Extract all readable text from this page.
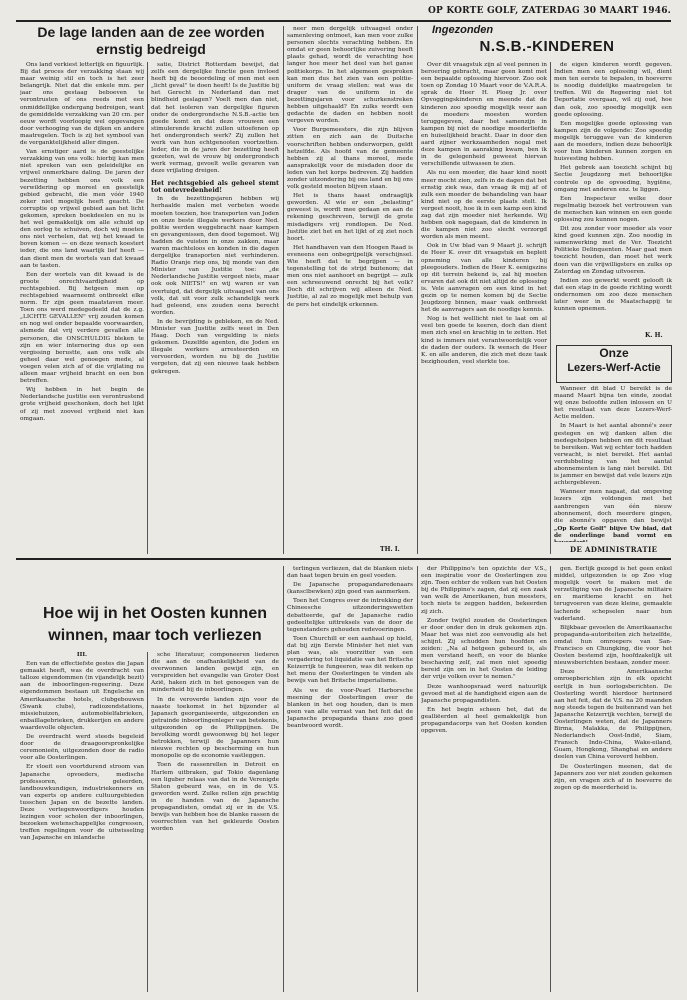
OP KORTE GOLF, ZATERDAG 30 MAART 1946.
De lage landen aan de zee worden
ernstig bedreigd

Ons land verkiest letterlijk en figuurlijk. Bij dat proces der verzakking staan wij maar weinig stil en toch is het zeer belangrijk. Niet dat die enkele mm. per jaar ons gestaag beboeven te verontrusten of ons reeds met een onmiddellijke ondergang bedreigen, want de gemiddelde verzakking van 20 cm. per eeuw wordt voorloopig wel opgevangen door verhooging van de dijken en andere maatregelen. Toch is zij het symbool van de verganktelijkheid aller dingen.

Van ernstiger aard is de geestelijke verzakking van ons volk: hierbij kan men niet spreken van een geleidelijke en vrijwel onmerkbare daling. De jaren der bezetting hebben ons volk een verwildering op moreel en geestelijk gebied gebracht, die men vóór 1940 zeker niet mogelijk heeft geacht. De corruptie op vrijwel gebied aan het licht gekomen, spreken boekdeelen en nu is het wel gemakkelijk om alle schuld op den oorlog te schuiven, doch wij moeten ons niet verhelen, dat wij het kwaad te boven komen — en deze wensch koestert ieder, die ons land waarlijk lief heeft — dan dient men de wortels van dat kwaad aan te tasten.

Een der wortels van dit kwaad is de groote onrechtvaardigheid op rechtsgebied. Bij hetgeen men op rechtsgebied waarneemt ontbreekt elke norm. Er zijn geen maatstaven meer. Toen ons werd medegedeeld dat de z.g. „LICHTE GEVALLEN" vrij zouden komen en nog wel onder bepaalde voorwaarden, alsmede dat vrij verdere gevallen alle personen, die ONSCHULDIG bleken te zijn en wier internering dus op een vergissing berustte, aan ons volk als geheel daar wel genoegen mede, al voegen velen zich af of die vrijlating nu alleen maar vrijheid bracht en een bon betreffen.

Wij hebben in het begin de Nederlandsche justitie een verontrustend grote vrijheid geschonken, doch het lijkt of zij met zooveel vrijheid niet kan omgaan.

satie, District Rotterdam bewijst, dat zelfs een dergelijke functie geen invloed heeft bij de beoordeling of men met een „licht geval" te doen heeft! Is de Justitie bij het Gerecht in Nederland dan met blindheid geslagen? Voelt men dan niet, dat het isoleren van dergelijke figuren onder de ondergrondsche N.S.B.-actie ten goede komt en dat deze vrouwen een stimulerende kracht zullen uitoefenen op het ondergrondsch werk? Zij zullen het werk van hun echtgenooten voortzetten. Ieder, die in de jaren der bezetting heeft gezeten, wat de vrouw bij ondergrondsch werk vermag, gevoelt welle gevaren van deze vrijlating dreigen.

Het rechtsgebied als geheel stemt tot ontevredenheid!

In de bezettingsjaren hebben wij herhaalde malen met verbeten woede moeten toezien, hoe transporten van Joden en onze beste illegale werkers door Ned. politie werden weggebracht naar kampen en gevangenissen, den dood tegemoet. Wij hadden de vuisten in onze zakken, maar waren machteloos en konden in die dagen dergelijke transporten niet verhinderen. Radio Oranje riep ons, bij monde van den Minister van Justitie toe: „de Nederlandsche Justitie vergeet niets, maar ook ook NIETS!" en wij waren er van overtuigd, dat dergelijk uitvaagsel van ons volk, dat uit voor zulk schandelijk werk had geleend, ens zouden eens berecht worden.

In de bevrijding is gebleken, en de Ned. Minister van Justitie zelfs weet in Den Haag. Doch van vergelding is niets gekomen. Dezelfde agenten, die Joden en illegale werkers arresteerden en vervoerden, worden nu bij de Justitie vergeten, dat zij een nieuwe taak hebben gekregen.

neer men dergelijk uitvaagsel onder samenleving ontmoet, kan men voor zulke personen slechts verachting hebben. En omdat er geen behoorlijke zuivering heeft plaats gehad, wordt de verachting hoe langer hoe meer het deel van het ganse politiekorps. In het algemeen gesproken kan men dus het zien van een politie-uniform de vraag stellen: wat was de drager van de uniform in de bezettingsjaren voor schurkenstreken hebben uitgehaald? En zulks wordt een gedachte de daden en hebben nooit vergeven worden.

Voor Burgemeesters, die zijn blijven zitten en zich aan de Duitsche voorschriften hebben onderworpen, geldt hetzelfde. Als hoofd van de gemeente hebben zij al thans moreel, mede aansprakelijk voor de misdaden door de leden van het korps bedreven. Zij hadden zonder uitzondering bij ons land en bij ons volk gesteld moeten blijven staan.

Het is thans haast ondraaglijk geworden. Al wie er een „belasting" geweest is, wordt mee gedaan en aan de rekening geschreven, terwijl de grote misdadigers vrij rondlopen. De Ned. Justitie ziet het en het lijkt of zij ziet noch hoort.

Het handhaven van den Hoogen Raad is eveneens een onbegrijpelijk verschijnsel. Wie heeft dat te begrijpen — in tegenstelling tot de strijd buitenom; dat men ons niet aanhoort en begrijpt — zulk een schreeuwend onrecht bij het volk? Doch dit schrijven wij alleen de Ned. Justitie, al zal zo mogelijk met behulp van de pers het eindelijk erkennen.

TH. I.
Ingezonden
N.S.B.-KINDEREN

Over dit vraagstuk zijn al veel pennen in beroering gebracht, maar geen komt met een bepaalde oplossing hiervoor. Zoo ook toen op Zondag 10 Maart voor de V.A.R.A. sprak de Heer H. Ploeg Jr. over Opvoggingskinderen en meende dat de kinderen zoo spoedig mogelijk weer aan de moeders moesten worden teruggegeven, daar het samenzijn in kampen bij niet de noodige moederliefde en huiselijkheid bracht. Daar in door den aard zijner werkzaamheden nogal met deze kampen in aanraking kwam, ben ik in de gelegenheid geweest hiervan verschillende uitwassen te zien.

Als nu een moeder, die haar kind nooit meer mocht zien, zelfs in de dagen dat het ernstig ziek was, dan vraag ik mij af of zulk een moeder de behandeling van haar kind niet op de eerste plaats stelt. Ik vergeet nooit, hoe ik in een kamp een kind zag dat zijn moeder niet herkende. Wij hebben ook nagegaan, dat de kinderen in die kampen niet zoo slecht verzorgd worden als men meent.

Ook in Uw blad van 9 Maart jl. schrijft de Heer K. over dit vraagstuk en bepleit opneming van alle kinderen bij pleegouders. Indien de Heer K. eenigszins op dit terrein bekend is, zal hij moeten ervaren dat ook dit niet altijd de oplossing is. Vele aanvragen om een kind in het gezin op te nemen komen bij de Sectie Jeugdzorg binnen, maar vaak ontbreekt het de aanvragers aan de noodige kennis.

Nog is het welllicht niet te laat om al veel ten goede te keeren, doch dan dient men zich snel en krachtig in te zetten. Het kind is immers niet verantwoordelijk voor de daden der ouders. Ik wensch de Heer K. en alle anderen, die zich met deze taak bezighouden, veel sterkte toe.

de eigen kinderen wordt gegeven. Indien men een oplossing wil, dient men ten eerste te bepalen, in hoeverre is noodig duidelijke maatregelen te treffen. Wil de Regeering niet tot Deportatie overgaan, wil zij oud, hoe dan ook, zoo spoedig mogelijk een goede oplossing.

Een mogelijke goede oplossing van kampen zijn de volgende: Zoo spoedig mogelijk teruggave van de kinderen aan de moeders, indien deze behoorlijk voor hun kinderen kunnen zorgen en huisvesting hebben.

Het gebrek aan toezicht schijnt bij Sectie Jeugdzorg met behoorlijke controle op de opvoeding, hygiëne, omgang met anderen enz. te liggen.

Een Inspecteur welke door regelmatig bezoek het vertrouwen van de menschen kan winnen en een goede oplossing zou kunnen nogen.

Dit zou zonder voor moeder als voor kind goed kunnen zijn. Zoo noodig in samenwerking met de Ver. Toezicht Politieke Delinquenten. Maar gaat men toezicht houden, dan moet het werk doen van die vrijwilligsters en zulks op Zaterdag en Zondag uitvoeren.

Indien zoo gewerkt wordt gelooft ik dat een stap in de goede richting wordt ondernomen om zoo deze menschen later weer in de Maatschappij te kunnen opnemen.

K. H.
Onze
Lezers-Werf-Actie

Wanneer dit blad U bereikt is de maand Maart bijna ten einde, zoodat wij onze beloofde zullen inlossen en U het resultaat van deze Lezers-Werf-Actie melden.

In Maart is het aantal abonné's zeer gestegen en wij danken allen die medegeholpen hebben om dit resultaat te bereiken. Wat wij echter toch hadden verwacht, is niet bereikt. Het aantal verdubbeling van het aantal abonnementen is lang niet bereikt. Dit is jammer en bewijst dat vele lezers zijn achtergebleven.

Wanneer men nagaat, dat omgeving lezers zijn voldongen met het aanbrengen van één nieuw abonnement, doch meerdere gingen, die abonné's opgaven dan bewijst

„Op Korte Golf" blijve Uw blad, dat de onderlinge band vormt en
DE ADMINISTRATIE
Hoe wij in het Oosten kunnen
winnen, maar toch verliezen

III.

Een van de effectiefste gestes die Japan gemaakt heeft, was de overdracht van talloze eigendommen (in vijandelijk bezit) aan de inboorlingen-regeering. Deze eigendommen bestaan uit Engelsche en Amerikaansche hotels, clubgebouwen (Swank clubs), radiozendstations, missiehuizen, automobielfabrieken, enbaillagebrieken, drukkerijen en andere waardevolle objecten.

De overdracht werd steeds begeleid door de draagoorspronkelijke ceremonieën, uitgezonden door de radio voor alle Oosterlingen.

Er vloeit een voortdurend stroom van Japansche opvoeders, medische professoren, geleerden, landbouwkundigen, industriekenners en van experts op andere cultuurgebieden tusschen Japan en de bezette landen. Deze vertegenwoordigers houden lezingen voor scholen der inboorlingen, bezoeken wetenschappelijke congressen, treffen regelingen voor de uitwisseling van Japansche en inlandsche

sche literatuur, componeeren liederen die aan de onafhankelijkheid van de overwonnen landen gewijd zijn, en verspreiden het evangelie van Groter Oost Azië, haken zich in het genoegen van de minderheid bij de inboorlingen.

In de veroverde landen zijn voor de naaste toekomst in het bijzonder al Japansch georganiseerde, uitgezonden en getrainde inboorlingenleger van betekenis, uitgezonden op de Philippijnen. De bevolking wordt gewoonweg bij het leger betrokken, terwijl de Japanners hun nieuwe rechten op bescherming en hun monopolie op de economie vastleggen.

Toen de rassenrellen in Detroit en Harlem uitbraken, gaf Tokio dagenlang een liguber relaas van dat in de Verenigde Staten gebeurd was, en in de V.S. geworden werd. Zulke rellen zijn prachtig in de handen van de Japansche propagandisten, omdat zij er in de V.S. bewijs van hebben hoe de blanke rassen de voorrechten van het gekleurde Oosten worden

terlingen verliezen, dat de blanken niets dan haat tegen bruin en geel voeden.

De Japansche propagandaredenaars (kansclbewken) zijn goed van aanmerken.

Toen het Congres over de intrekking der Chineesche uitzonderingswetten debatteerde, gaf de Japansche radio gedeeltelijke uittreksels van de door de tegenstanders gehouden redevoeringen.

Toen Churchill er een aanhaal op hield, dat bij zijn Eerste Minister het niet van plan was, als voorzitter van een vergadering tot liquidatie van het Britsche Keizerrijk te fungeeren, was dit weken op het menu der Oosterlingen te vinden als bewijs van het Britsche imperialisme.

Als we de voor-Pearl Harborsche meening der Oosterlingen over de blanken in het oog houden, dan is men geen van alle verrast van het feit dat de Japansche propaganda thans zoo goed beantwoord wordt.

der Philippino's ten opzichte der V.S., een inspiratie voor de Oosterlingen zou zijn. Toen echter de volken van het Oosten bij de Philippino's zagen, dat zij een zaak van welk de Amerikanen, hun meesters, toch niets te zeggen hadden, bekeerden zij zich.

Zonder twijfel zouden de Oosterlingen er door onder den in druk gekomen zijn. Maar het was niet zoo eenvoudig als het schijnt. Zij schudden hun hoofden en zeiden: „Na al hetgeen gebeurd is, als men verstand heeft, en voor de blanke beschaving zelf, zal men niet spoedig bereid zijn om in het Oosten de leiding der vrije volken over te nemen."

Deze wanhoopsraad werd natuurlijk gevoed met al de handigheid eigen aan de Japansche propagandisten.

En het begin scheen het, dat de gealliëerden al heel gemakkelijk hun propagandacorps van het Oosten konden opgeven.

gen. Eerlijk gezegd is het geen enkel middel, uitgezonden is op Zoo vlug mogelijk voert te maken met de verzetliging van de Japansche militaire en maritieme kracht en het terugvoeren van deze kleine, gemaakte lachende schepselen naar hun vaderland.

Blijkbaar gevoelen de Amerikaansche propaganda-autoriteiten zich hetzelfde, omdat hun omroepers van San-Francisco en Chungking, die voor het Oosten bestemd zijn, hoofdzakelijk uit nieuwsberichten bestaan, zonder meer.

Deze Amerikaansche omroepberichten zijn in elk opzicht eerlijk in hun oorlogsberichten. De Oosterling wordt hierdoor herinnerd aan het feit, dat de V.S. na 20 maanden nog steeds tegen de buitenrand van het Japansche Keizerrijk vechten, terwijl de Oosterlingen weten, dat de Japanners Birma, Malakka, de Philippijnen, Nederlandsch Oost-Indië, Siam, Fransch Indo-China, Wake-eiland, Guam, Hongkong, Shanghai en andere deelen van China veroverd hebben.

De Oosterlingen meenen, dat de Japanners zoo ver niet zouden gekomen zijn, en vragen zich af in hoeverre de zegen op de meerderheid is.
